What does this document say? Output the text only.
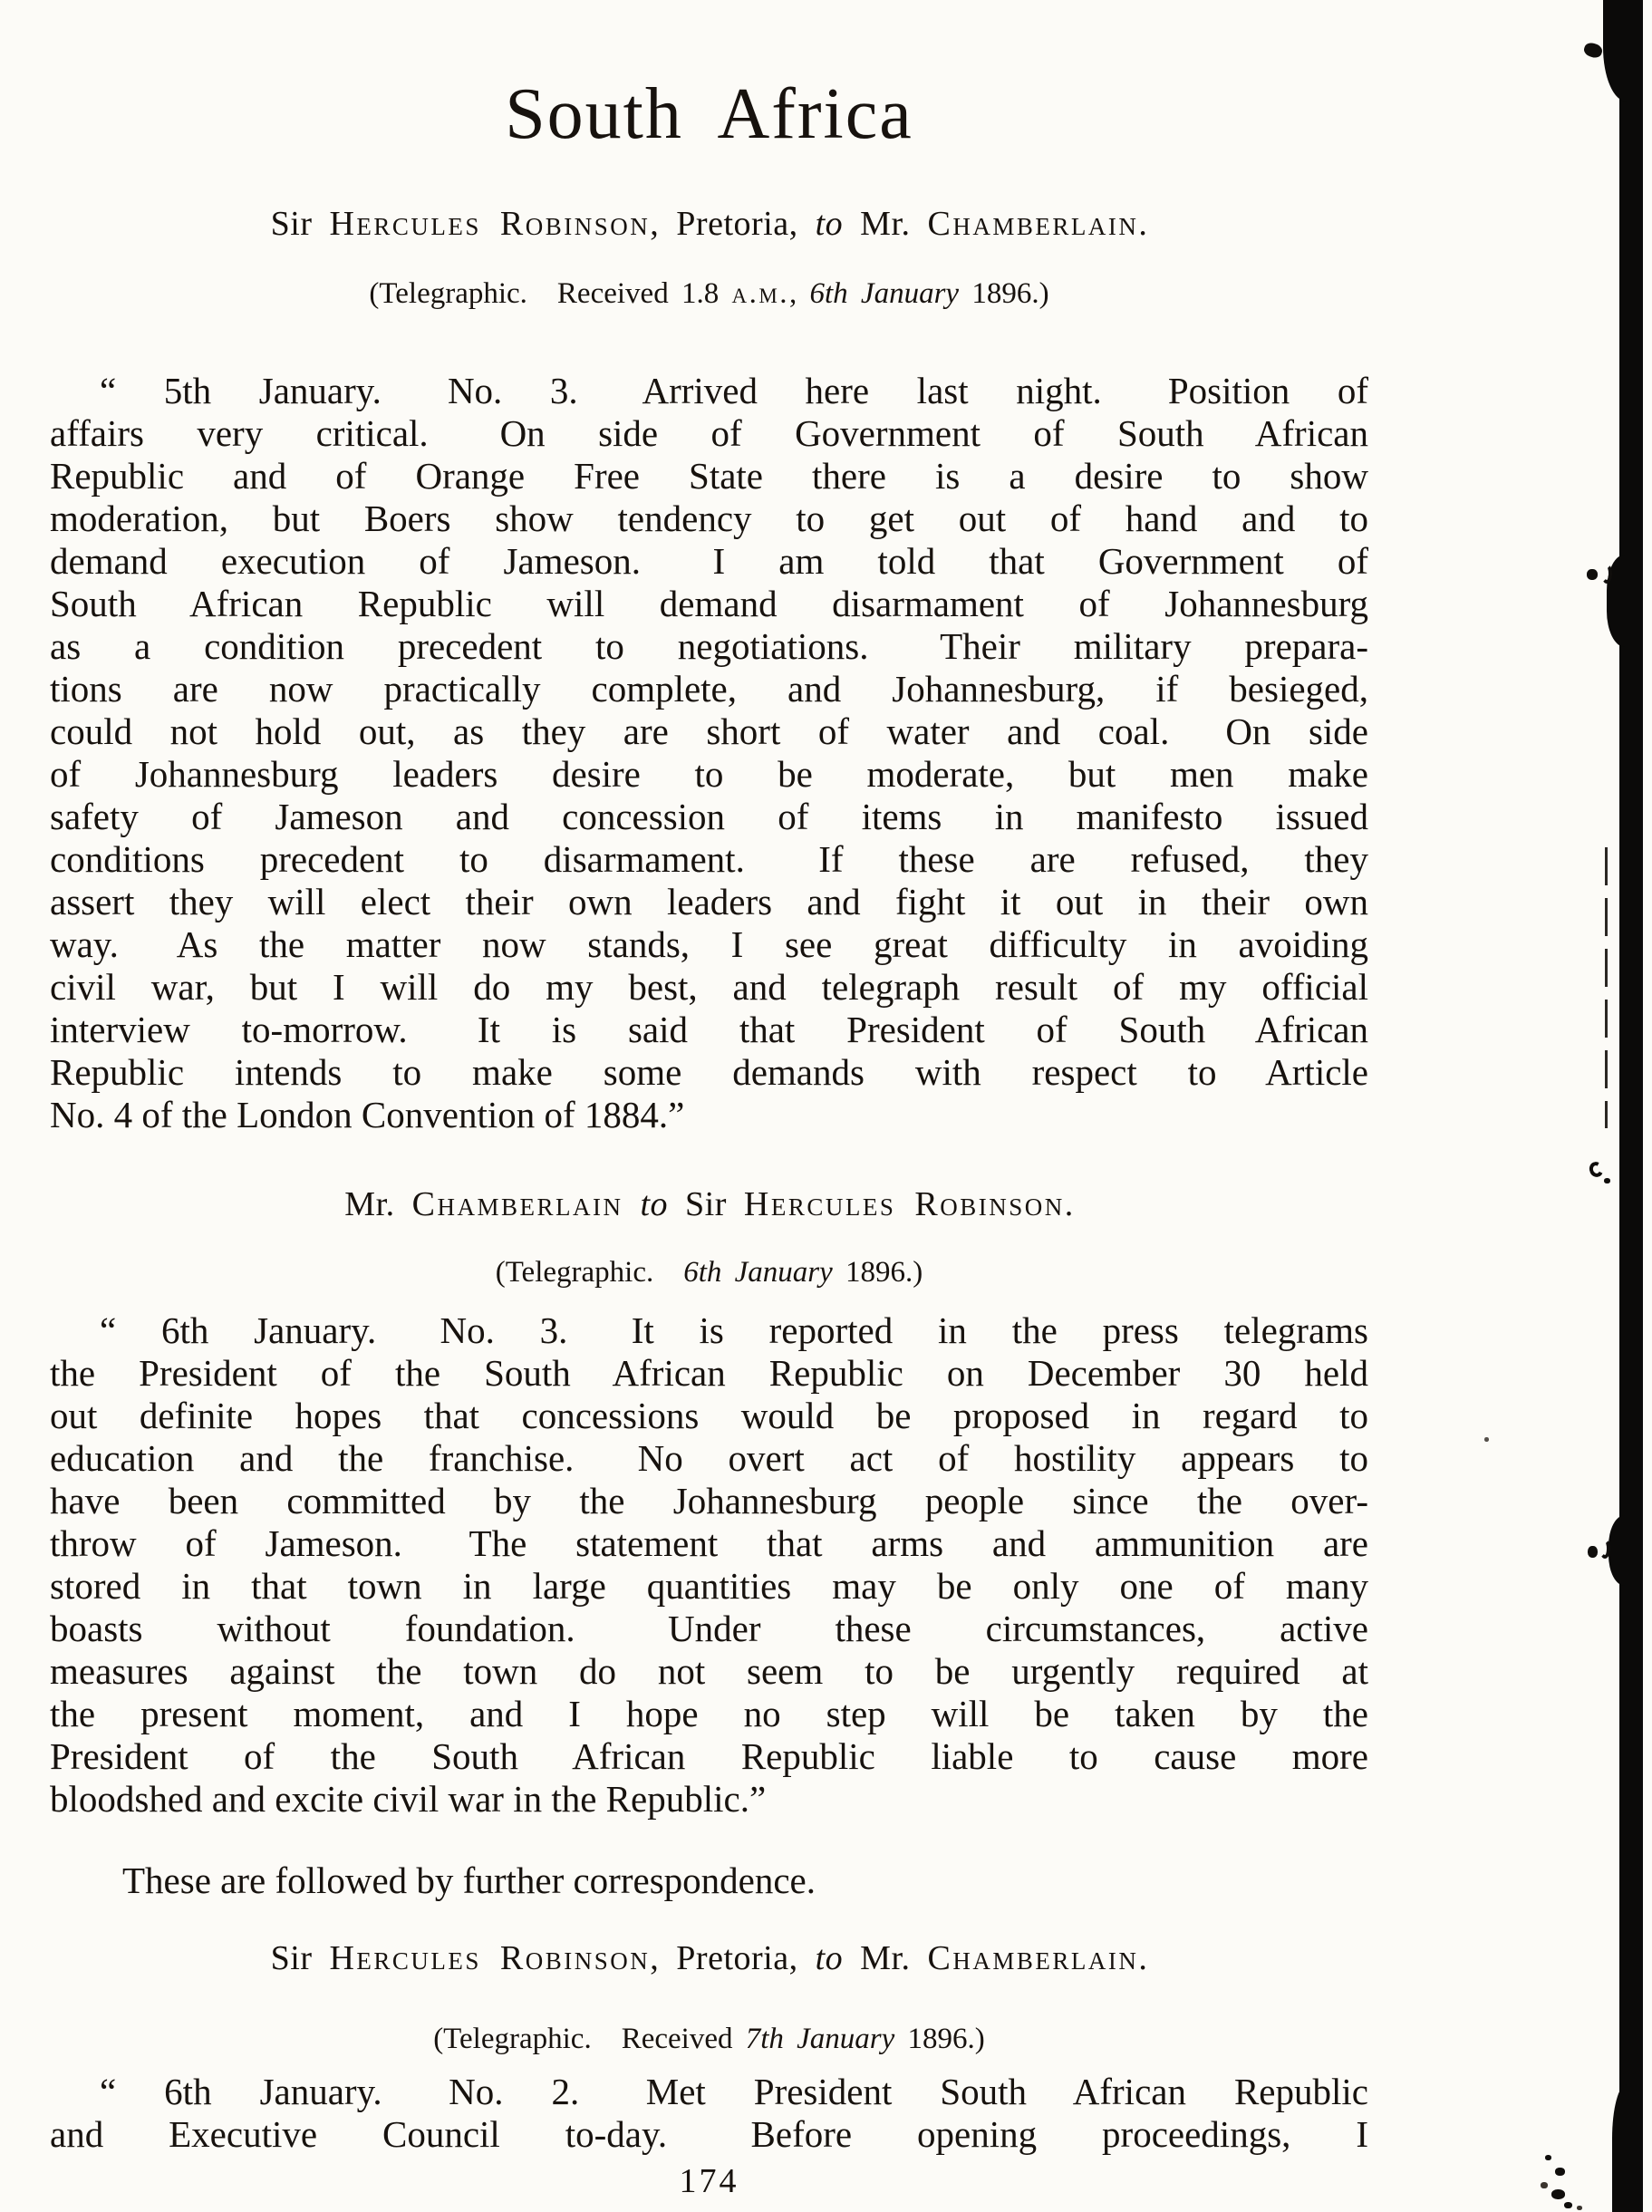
South Africa
Sir Hercules Robinson, Pretoria, to Mr. Chamberlain.
(Telegraphic.  Received 1.8 a.m., 6th January 1896.)
“ 5th January.  No. 3.  Arrived here last night.  Position of
affairs very critical.  On side of Government of South African
Republic and of Orange Free State there is a desire to show
moderation, but Boers show tendency to get out of hand and to
demand execution of Jameson.  I am told that Government of
South African Republic will demand disarmament of Johannesburg
as a condition precedent to negotiations.  Their military prepara-
tions are now practically complete, and Johannesburg, if besieged,
could not hold out, as they are short of water and coal.  On side
of Johannesburg leaders desire to be moderate, but men make
safety of Jameson and concession of items in manifesto issued
conditions precedent to disarmament.  If these are refused, they
assert they will elect their own leaders and fight it out in their own
way.  As the matter now stands, I see great difficulty in avoiding
civil war, but I will do my best, and telegraph result of my official
interview to-morrow.  It is said that President of South African
Republic intends to make some demands with respect to Article
No. 4 of the London Convention of 1884.”
Mr. Chamberlain to Sir Hercules Robinson.
(Telegraphic.  6th January 1896.)
“ 6th January.  No. 3.  It is reported in the press telegrams
the President of the South African Republic on December 30 held
out definite hopes that concessions would be proposed in regard to
education and the franchise.  No overt act of hostility appears to
have been committed by the Johannesburg people since the over-
throw of Jameson.  The statement that arms and ammunition are
stored in that town in large quantities may be only one of many
boasts without foundation.  Under these circumstances, active
measures against the town do not seem to be urgently required at
the present moment, and I hope no step will be taken by the
President of the South African Republic liable to cause more
bloodshed and excite civil war in the Republic.”
These are followed by further correspondence.
Sir Hercules Robinson, Pretoria, to Mr. Chamberlain.
(Telegraphic.  Received 7th January 1896.)
“ 6th January.  No. 2.  Met President South African Republic
and Executive Council to-day.  Before opening proceedings, I
174
